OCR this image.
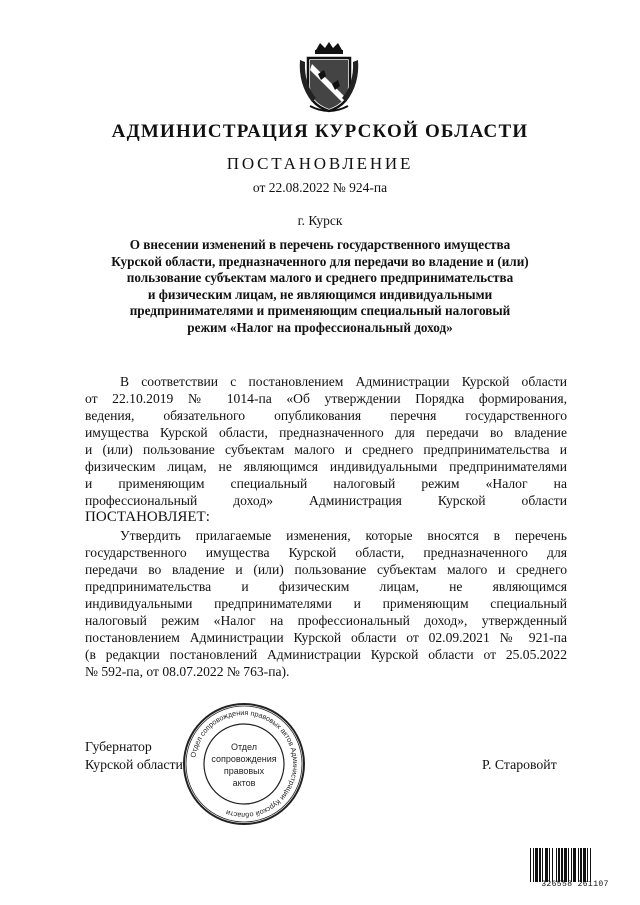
АДМИНИСТРАЦИЯ КУРСКОЙ ОБЛАСТИ
ПОСТАНОВЛЕНИЕ
от 22.08.2022 № 924-па
г. Курск
О внесении изменений в перечень государственного имущества
Курской области, предназначенного для передачи во владение и (или)
пользование субъектам малого и среднего предпринимательства
и физическим лицам, не являющимся индивидуальными
предпринимателями и применяющим специальный налоговый
режим «Налог на профессиональный доход»
В соответствии с постановлением Администрации Курской области
от 22.10.2019 № 1014-па «Об утверждении Порядка формирования,
ведения, обязательного опубликования перечня государственного
имущества Курской области, предназначенного для передачи во владение
и (или) пользование субъектам малого и среднего предпринимательства и
физическим лицам, не являющимся индивидуальными предпринимателями
и применяющим специальный налоговый режим «Налог на
профессиональный доход» Администрация Курской области
ПОСТАНОВЛЯЕТ:
Утвердить прилагаемые изменения, которые вносятся в перечень
государственного имущества Курской области, предназначенного для
передачи во владение и (или) пользование субъектам малого и среднего
предпринимательства и физическим лицам, не являющимся
индивидуальными предпринимателями и применяющим специальный
налоговый режим «Налог на профессиональный доход», утвержденный
постановлением Администрации Курской области от 02.09.2021 № 921-па
(в редакции постановлений Администрации Курской области от 25.05.2022
№ 592-па, от 08.07.2022 № 763-па).
Губернатор
Курской области	Р. Старовойт
Отдел сопровождения правовых актов Администрации Курской области
Отдел
сопровождения
правовых
актов
326558 261107
